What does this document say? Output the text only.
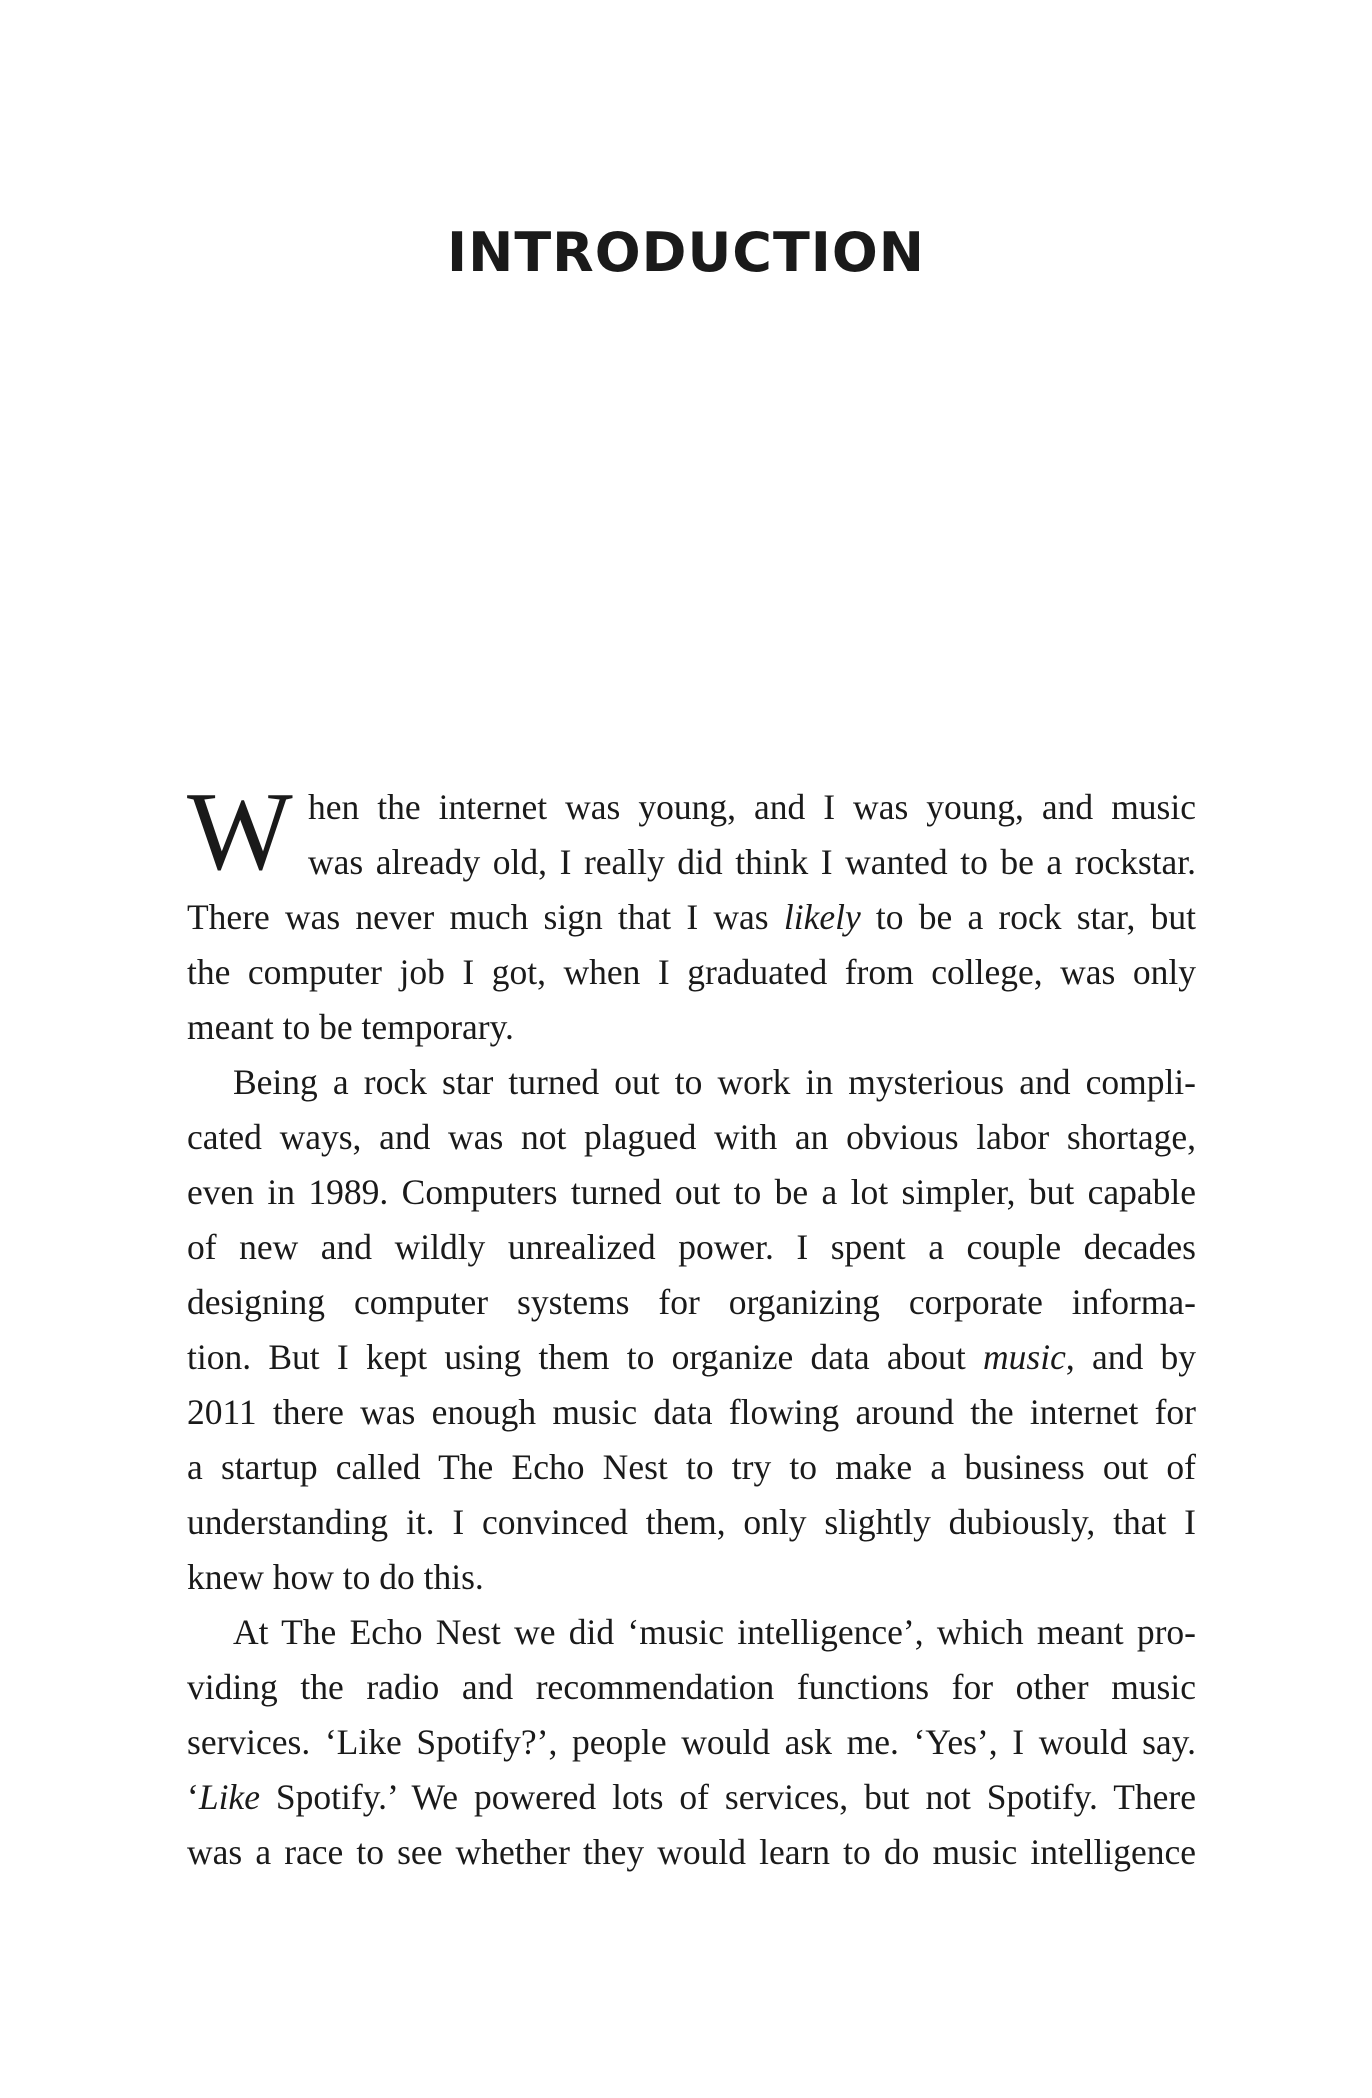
INTRODUCTION
W hen the internet was young, and I was young, and music
was already old, I really did think I wanted to be a rockstar.
There was never much sign that I was likely to be a rock star, but
the computer job I got, when I graduated from college, was only
meant to be temporary.

Being a rock star turned out to work in mysterious and compli-
cated ways, and was not plagued with an obvious labor shortage,
even in 1989. Computers turned out to be a lot simpler, but capable
of new and wildly unrealized power. I spent a couple decades
designing computer systems for organizing corporate informa-
tion. But I kept using them to organize data about music, and by
2011 there was enough music data flowing around the internet for
a startup called The Echo Nest to try to make a business out of
understanding it. I convinced them, only slightly dubiously, that I
knew how to do this.

At The Echo Nest we did ‘music intelligence’, which meant pro-
viding the radio and recommendation functions for other music
services. ‘Like Spotify?’, people would ask me. ‘Yes’, I would say.
‘Like Spotify.’ We powered lots of services, but not Spotify. There
was a race to see whether they would learn to do music intelligence
